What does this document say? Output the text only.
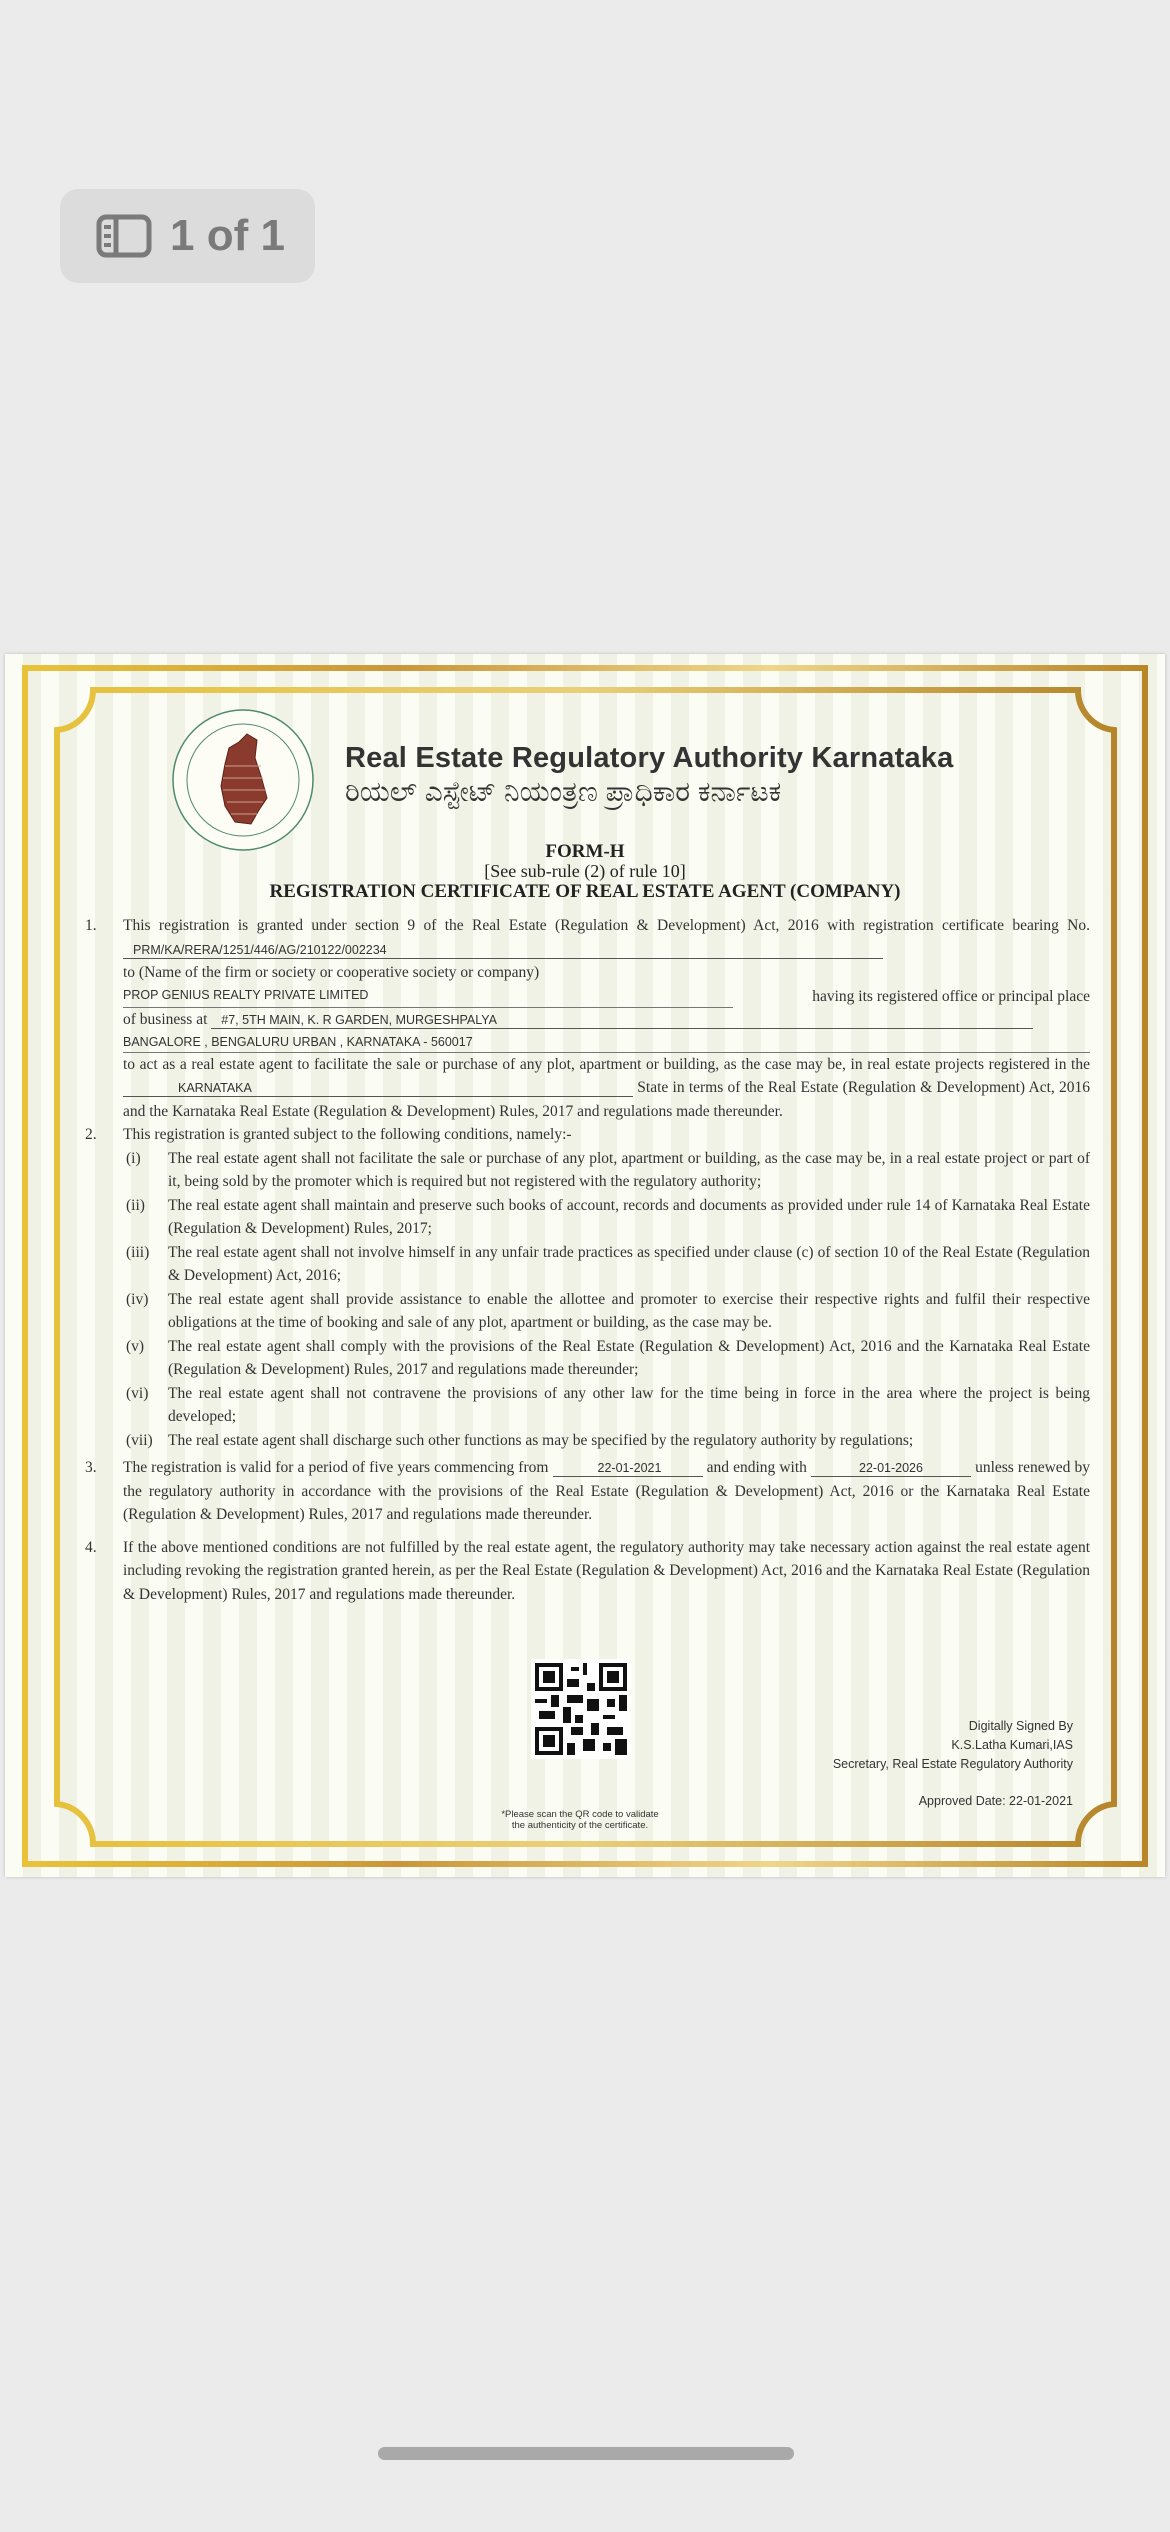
1 of 1
Real Estate Regulatory Authority Karnataka
ರಿಯಲ್ ಎಸ್ಟೇಟ್ ನಿಯಂತ್ರಣ ಪ್ರಾಧಿಕಾರ ಕರ್ನಾಟಕ
FORM-H
[See sub-rule (2) of rule 10]
REGISTRATION CERTIFICATE OF REAL ESTATE AGENT (COMPANY)
1.	This registration is granted under section 9 of the Real Estate (Regulation & Development) Act, 2016 with registration certificate bearing No. PRM/KA/RERA/1251/446/AG/210122/002234
to (Name of the firm or society or cooperative society or company)
PROP GENIUS REALTY PRIVATE LIMITED	having its registered office or principal place
of business at #7, 5TH MAIN, K. R GARDEN, MURGESHPALYA
BANGALORE , BENGALURU URBAN , KARNATAKA - 560017
to act as a real estate agent to facilitate the sale or purchase of any plot, apartment or building, as the case may be, in real estate projects registered in the KARNATAKA	State in terms of the Real Estate (Regulation & Development) Act, 2016 and the Karnataka Real Estate (Regulation & Development) Rules, 2017 and regulations made thereunder.
2.	This registration is granted subject to the following conditions, namely:-
(i)	The real estate agent shall not facilitate the sale or purchase of any plot, apartment or building, as the case may be, in a real estate project or part of it, being sold by the promoter which is required but not registered with the regulatory authority;
(ii)	The real estate agent shall maintain and preserve such books of account, records and documents as provided under rule 14 of Karnataka Real Estate (Regulation & Development) Rules, 2017;
(iii)	The real estate agent shall not involve himself in any unfair trade practices as specified under clause (c) of section 10 of the Real Estate (Regulation & Development) Act, 2016;
(iv)	The real estate agent shall provide assistance to enable the allottee and promoter to exercise their respective rights and fulfil their respective obligations at the time of booking and sale of any plot, apartment or building, as the case may be.
(v)	The real estate agent shall comply with the provisions of the Real Estate (Regulation & Development) Act, 2016 and the Karnataka Real Estate (Regulation & Development) Rules, 2017 and regulations made thereunder;
(vi)	The real estate agent shall not contravene the provisions of any other law for the time being in force in the area where the project is being developed;
(vii) The real estate agent shall discharge such other functions as may be specified by the regulatory authority by regulations;
3.	The registration is valid for a period of five years commencing from	22-01-2021	and ending with	22-01-2026	unless renewed by the regulatory authority in accordance with the provisions of the Real Estate (Regulation & Development) Act, 2016 or the Karnataka Real Estate (Regulation & Development) Rules, 2017 and regulations made thereunder.
4.	If the above mentioned conditions are not fulfilled by the real estate agent, the regulatory authority may take necessary action against the real estate agent including revoking the registration granted herein, as per the Real Estate (Regulation & Development) Act, 2016 and the Karnataka Real Estate (Regulation & Development) Rules, 2017 and regulations made thereunder.
*Please scan the QR code to validate
the authenticity of the certificate.
Digitally Signed By
K.S.Latha Kumari,IAS
Secretary, Real Estate Regulatory Authority
Approved Date: 22-01-2021
